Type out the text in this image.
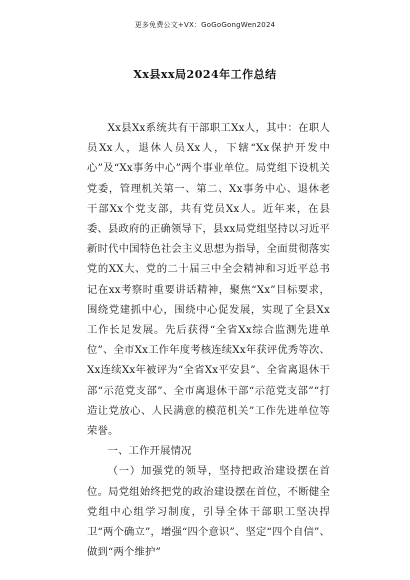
更多免费公文+VX：GoGoGongWen2024
Xx县xx局2024年工作总结

Xx县Xx系统共有干部职工Xx人，其中：在职人员Xx人，退休人员Xx人，下辖“Xx保护开发中心”及“Xx事务中心”两个事业单位。局党组下设机关党委，管理机关第一、第二、Xx事务中心、退休老干部Xx个党支部，共有党员Xx人。近年来，在县委、县政府的正确领导下，县xx局党组坚持以习近平新时代中国特色社会主义思想为指导，全面贯彻落实党的XX大、党的二十届三中全会精神和习近平总书记在xx考察时重要讲话精神，聚焦“Xx”目标要求，围绕党建抓中心，围绕中心促发展，实现了全县Xx工作长足发展。先后获得“全省Xx综合监测先进单位”、全市Xx工作年度考核连续Xx年获评优秀等次、Xx连续Xx年被评为“全省Xx平安县”、全省离退休干部“示范党支部”、全市离退休干部“示范党支部”“打造让党放心、人民满意的模范机关”工作先进单位等荣誉。

一、工作开展情况

（一）加强党的领导，坚持把政治建设摆在首位。局党组始终把党的政治建设摆在首位，不断健全党组中心组学习制度，引导全体干部职工坚决捍卫“两个确立”，增强“四个意识”、坚定“四个自信”、做到“两个维护”
